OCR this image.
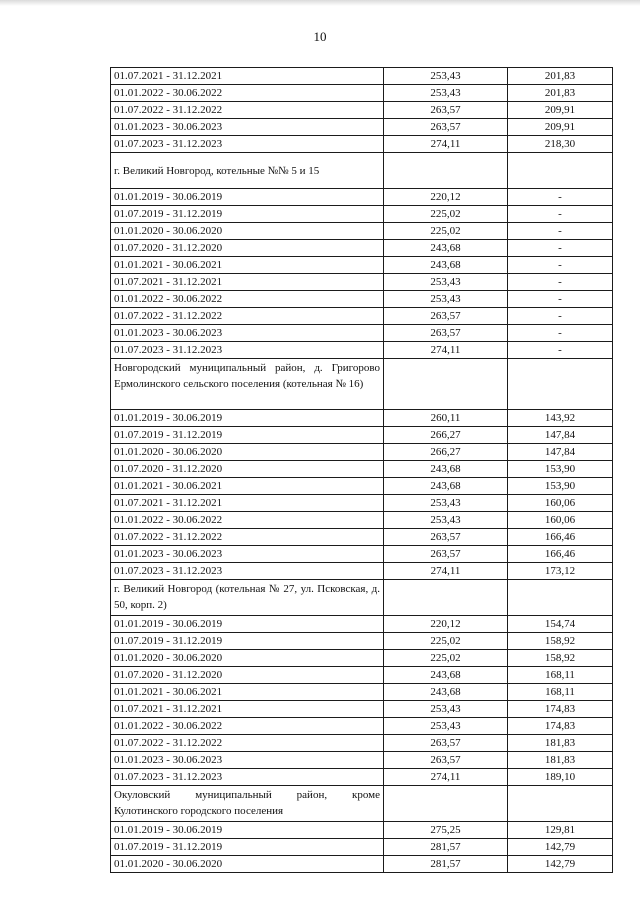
10
01.07.2021 - 31.12.2021	253,43	201,83
01.01.2022 - 30.06.2022	253,43	201,83
01.07.2022 - 31.12.2022	263,57	209,91
01.01.2023 - 30.06.2023	263,57	209,91
01.07.2023 - 31.12.2023	274,11	218,30
г. Великий Новгород, котельные №№ 5 и 15		
01.01.2019 - 30.06.2019	220,12	-
01.07.2019 - 31.12.2019	225,02	-
01.01.2020 - 30.06.2020	225,02	-
01.07.2020 - 31.12.2020	243,68	-
01.01.2021 - 30.06.2021	243,68	-
01.07.2021 - 31.12.2021	253,43	-
01.01.2022 - 30.06.2022	253,43	-
01.07.2022 - 31.12.2022	263,57	-
01.01.2023 - 30.06.2023	263,57	-
01.07.2023 - 31.12.2023	274,11	-
Новгородский муниципальный район, д. Григорово Ермолинского сельского поселения (котельная № 16)		
01.01.2019 - 30.06.2019	260,11	143,92
01.07.2019 - 31.12.2019	266,27	147,84
01.01.2020 - 30.06.2020	266,27	147,84
01.07.2020 - 31.12.2020	243,68	153,90
01.01.2021 - 30.06.2021	243,68	153,90
01.07.2021 - 31.12.2021	253,43	160,06
01.01.2022 - 30.06.2022	253,43	160,06
01.07.2022 - 31.12.2022	263,57	166,46
01.01.2023 - 30.06.2023	263,57	166,46
01.07.2023 - 31.12.2023	274,11	173,12
г. Великий Новгород (котельная № 27, ул. Псковская, д. 50, корп. 2)		
01.01.2019 - 30.06.2019	220,12	154,74
01.07.2019 - 31.12.2019	225,02	158,92
01.01.2020 - 30.06.2020	225,02	158,92
01.07.2020 - 31.12.2020	243,68	168,11
01.01.2021 - 30.06.2021	243,68	168,11
01.07.2021 - 31.12.2021	253,43	174,83
01.01.2022 - 30.06.2022	253,43	174,83
01.07.2022 - 31.12.2022	263,57	181,83
01.01.2023 - 30.06.2023	263,57	181,83
01.07.2023 - 31.12.2023	274,11	189,10
Окуловский муниципальный район, кроме Кулотинского городского поселения		
01.01.2019 - 30.06.2019	275,25	129,81
01.07.2019 - 31.12.2019	281,57	142,79
01.01.2020 - 30.06.2020	281,57	142,79
